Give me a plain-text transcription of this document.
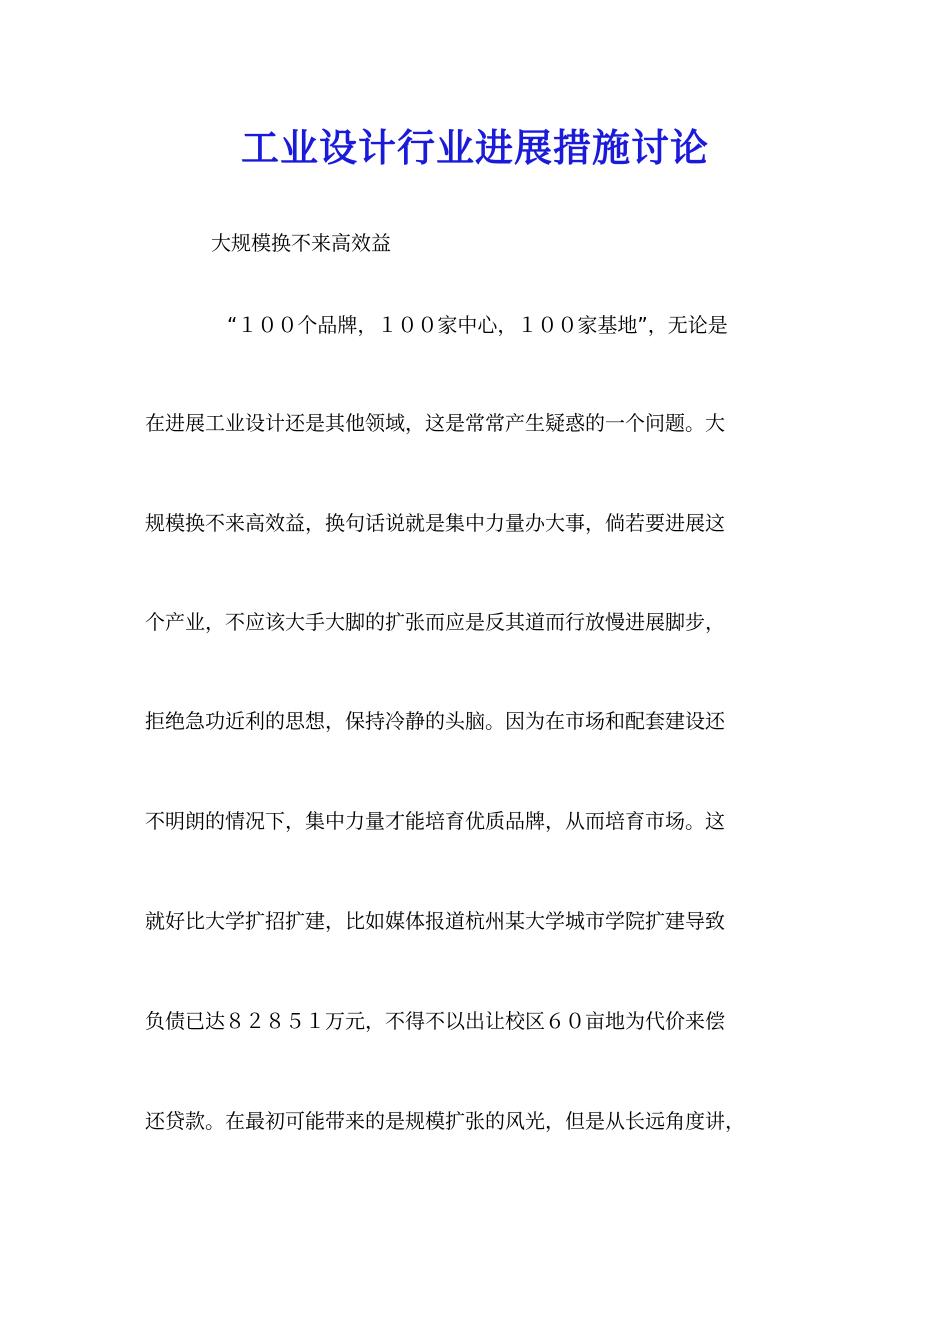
工业设计行业进展措施讨论

大规模换不来高效益

“１００个品牌，１００家中心，１００家基地”，无论是

在进展工业设计还是其他领域，这是常常产生疑惑的一个问题。大

规模换不来高效益，换句话说就是集中力量办大事，倘若要进展这

个产业，不应该大手大脚的扩张而应是反其道而行放慢进展脚步，

拒绝急功近利的思想，保持冷静的头脑。因为在市场和配套建设还

不明朗的情况下，集中力量才能培育优质品牌，从而培育市场。这

就好比大学扩招扩建，比如媒体报道杭州某大学城市学院扩建导致

负债已达８２８５１万元，不得不以出让校区６０亩地为代价来偿

还贷款。在最初可能带来的是规模扩张的风光，但是从长远角度讲，
